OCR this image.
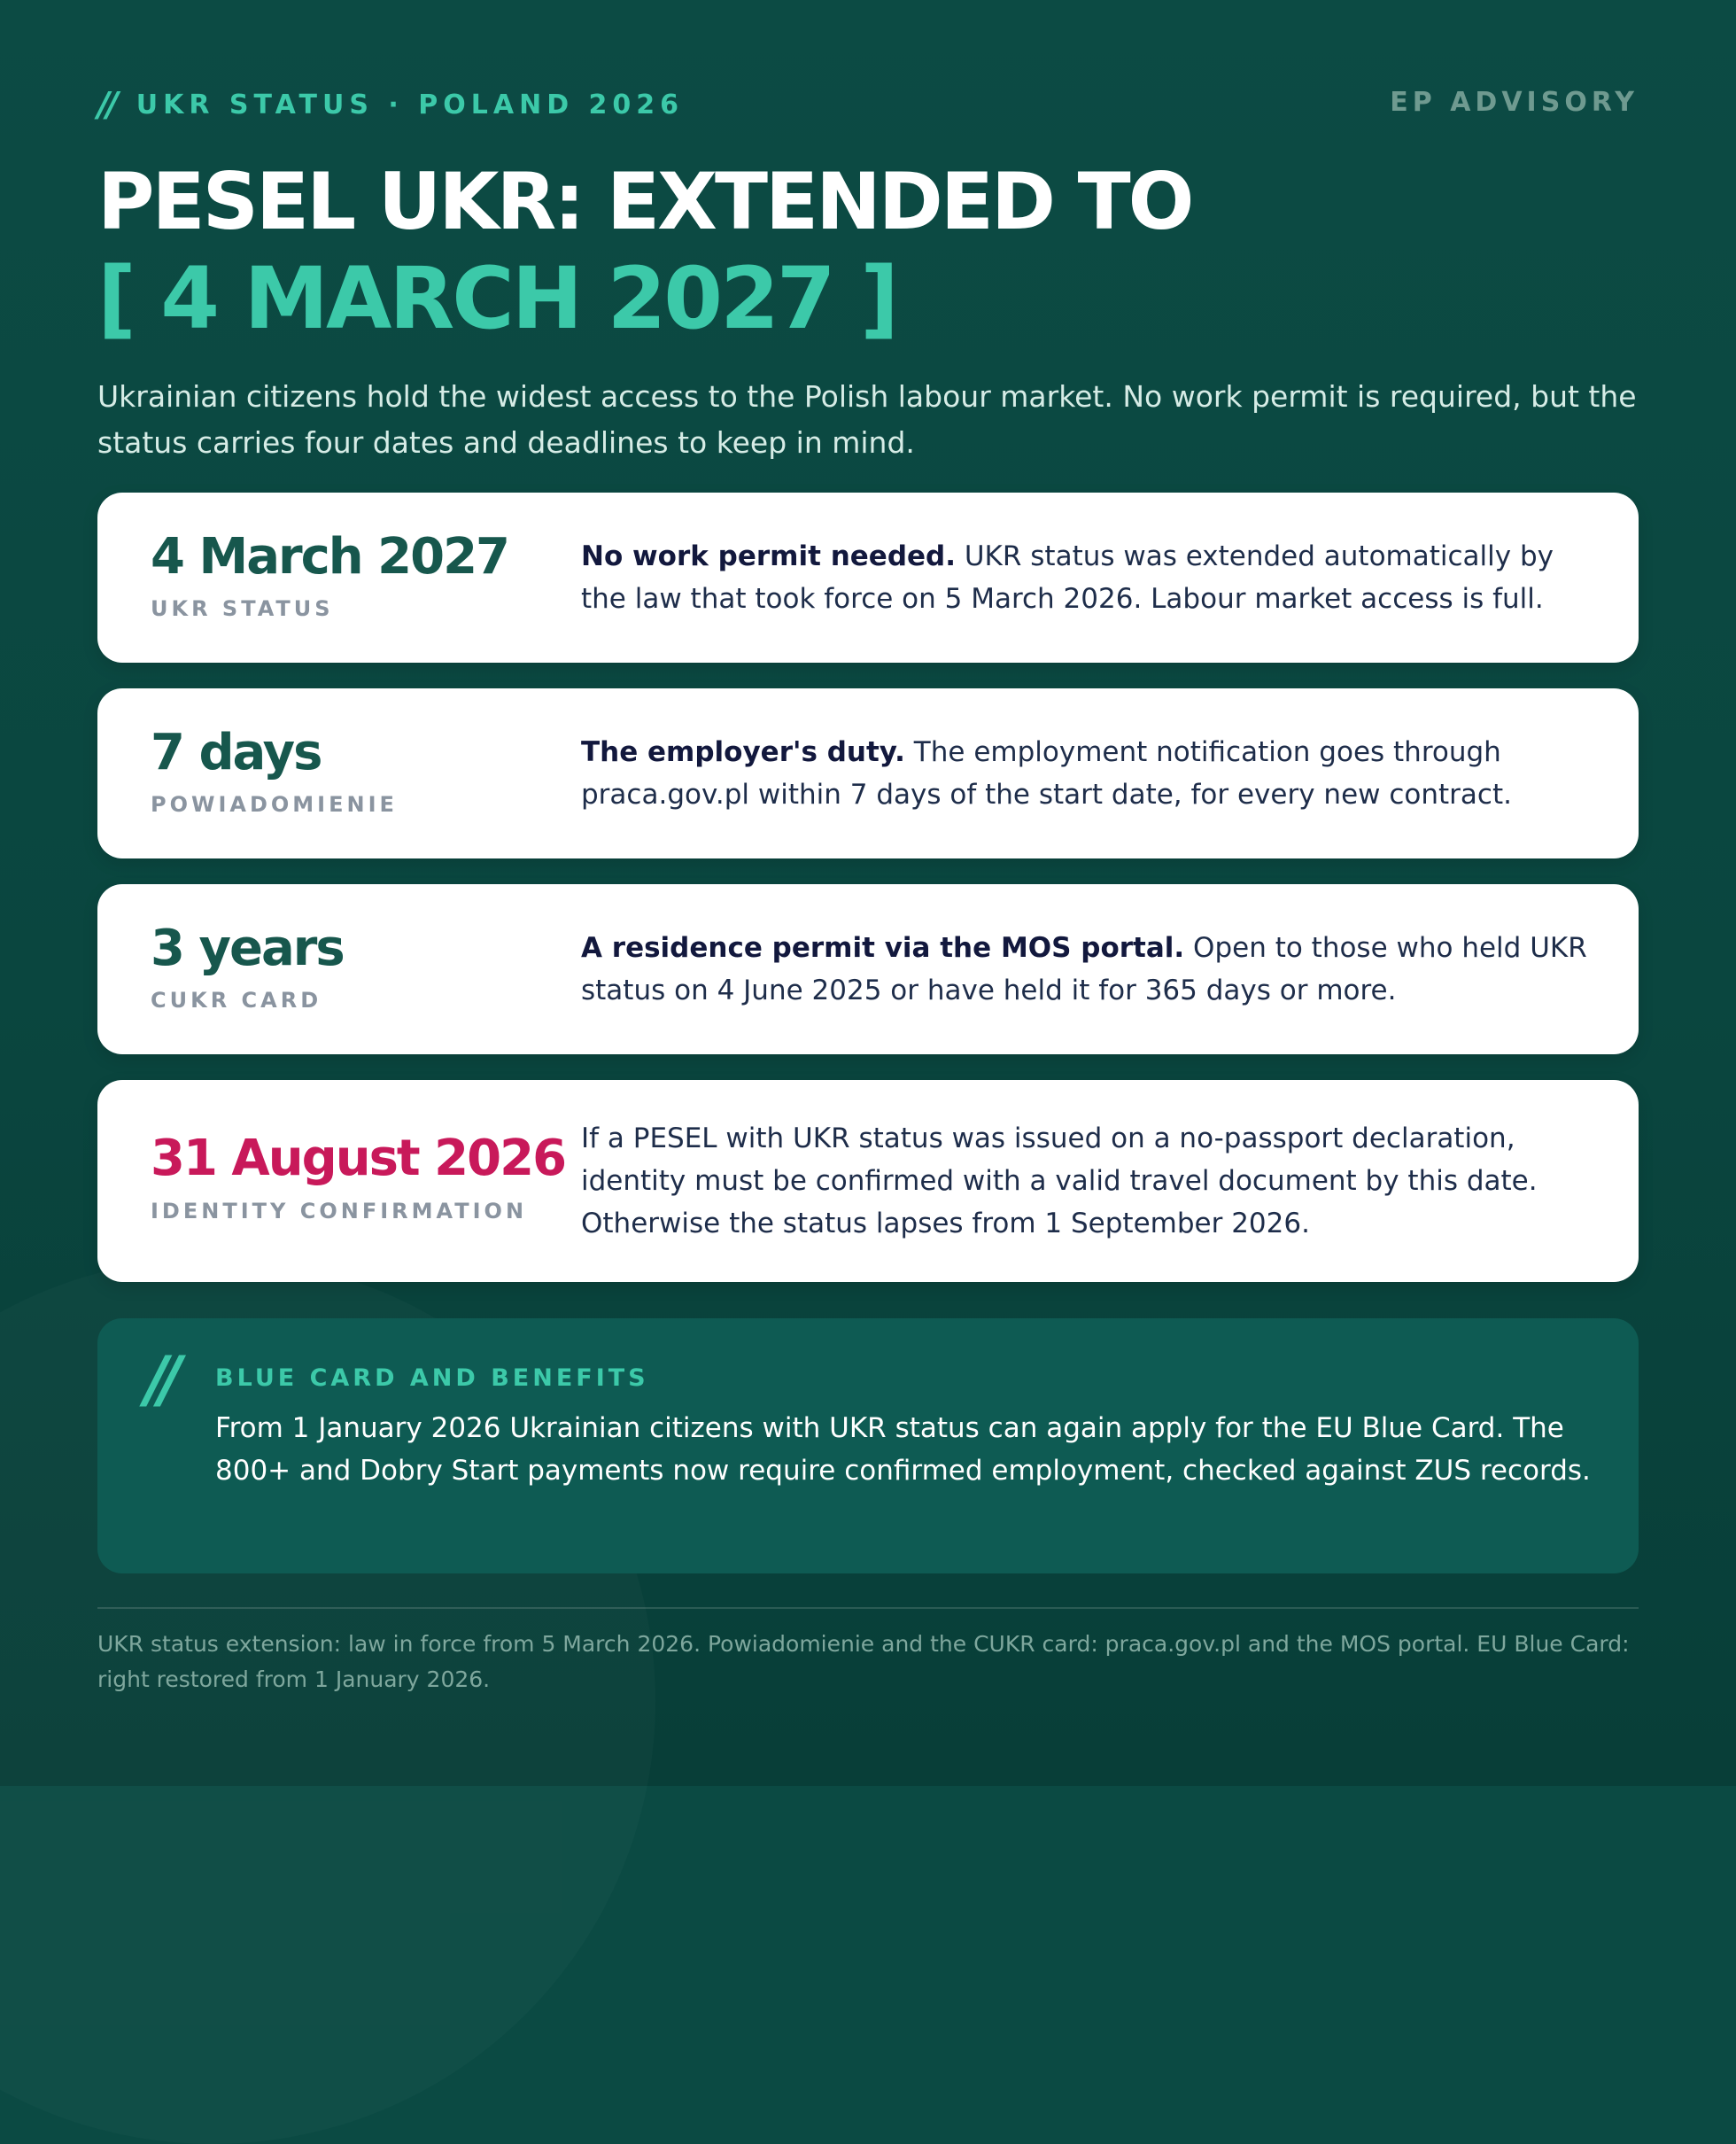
// UKR STATUS · POLAND 2026	EP ADVISORY
PESEL UKR: EXTENDED TO
[ 4 MARCH 2027 ]
Ukrainian citizens hold the widest access to the Polish labour market. No work permit is required, but the status carries four dates and deadlines to keep in mind.
4 March 2027
UKR STATUS
No work permit needed. UKR status was extended automatically by the law that took force on 5 March 2026. Labour market access is full.
7 days
POWIADOMIENIE
The employer's duty. The employment notification goes through praca.gov.pl within 7 days of the start date, for every new contract.
3 years
CUKR CARD
A residence permit via the MOS portal. Open to those who held UKR status on 4 June 2025 or have held it for 365 days or more.
31 August 2026
IDENTITY CONFIRMATION
If a PESEL with UKR status was issued on a no-passport declaration, identity must be confirmed with a valid travel document by this date. Otherwise the status lapses from 1 September 2026.
// BLUE CARD AND BENEFITS
From 1 January 2026 Ukrainian citizens with UKR status can again apply for the EU Blue Card. The 800+ and Dobry Start payments now require confirmed employment, checked against ZUS records.
UKR status extension: law in force from 5 March 2026. Powiadomienie and the CUKR card: praca.gov.pl and the MOS portal. EU Blue Card: right restored from 1 January 2026.
